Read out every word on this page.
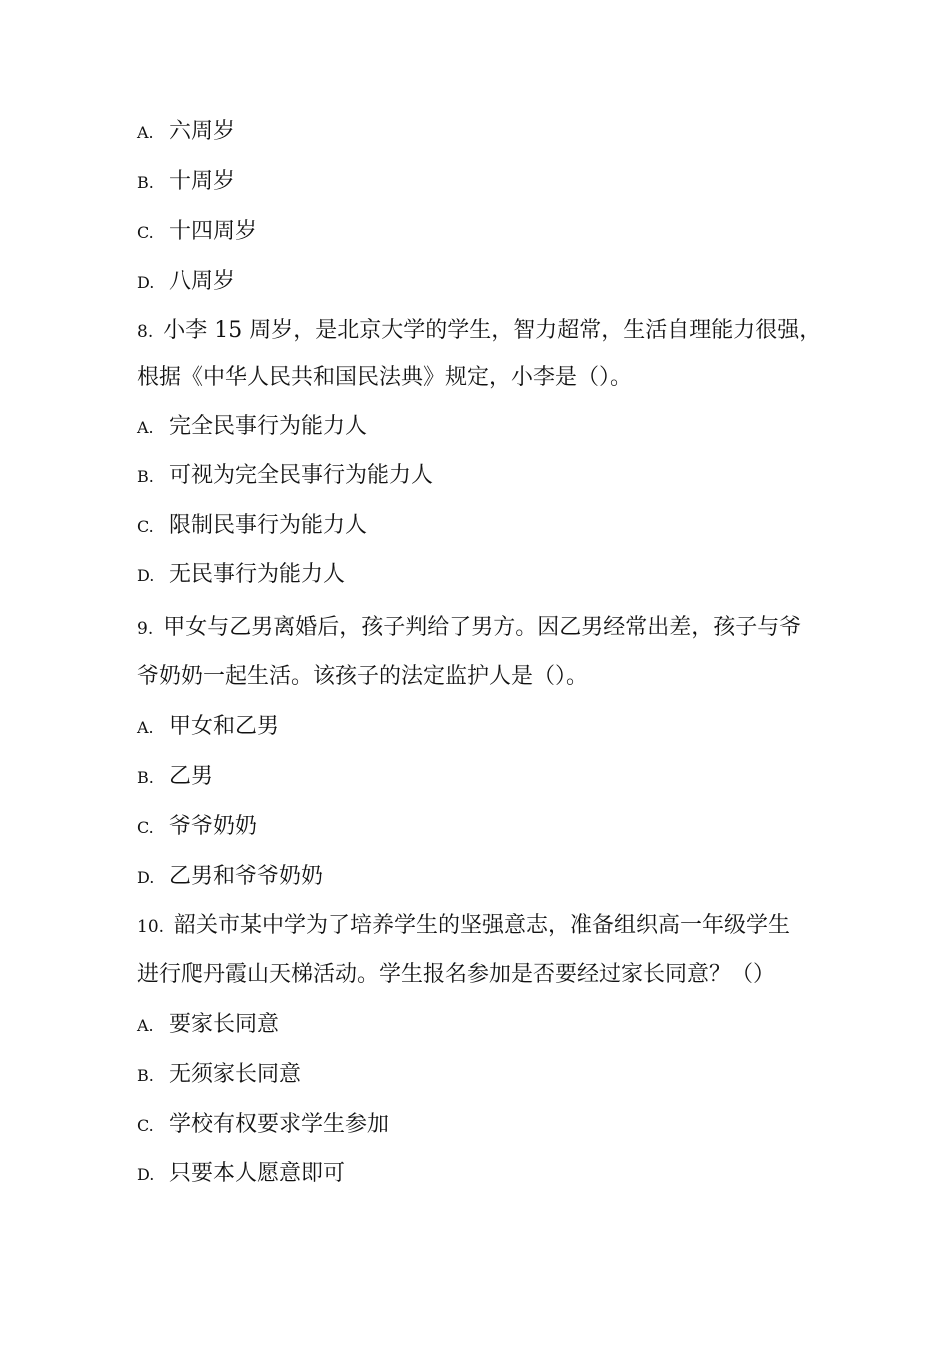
A. 六周岁
B. 十周岁
C. 十四周岁
D. 八周岁
8. 小李 15 周岁，是北京大学的学生，智力超常，生活自理能力很强，
根据《中华人民共和国民法典》规定，小李是（）。
A. 完全民事行为能力人
B. 可视为完全民事行为能力人
C. 限制民事行为能力人
D. 无民事行为能力人
9. 甲女与乙男离婚后，孩子判给了男方。因乙男经常出差，孩子与爷
爷奶奶一起生活。该孩子的法定监护人是（）。
A. 甲女和乙男
B. 乙男
C. 爷爷奶奶
D. 乙男和爷爷奶奶
10. 韶关市某中学为了培养学生的坚强意志，准备组织高一年级学生
进行爬丹霞山天梯活动。学生报名参加是否要经过家长同意？（）
A. 要家长同意
B. 无须家长同意
C. 学校有权要求学生参加
D. 只要本人愿意即可
